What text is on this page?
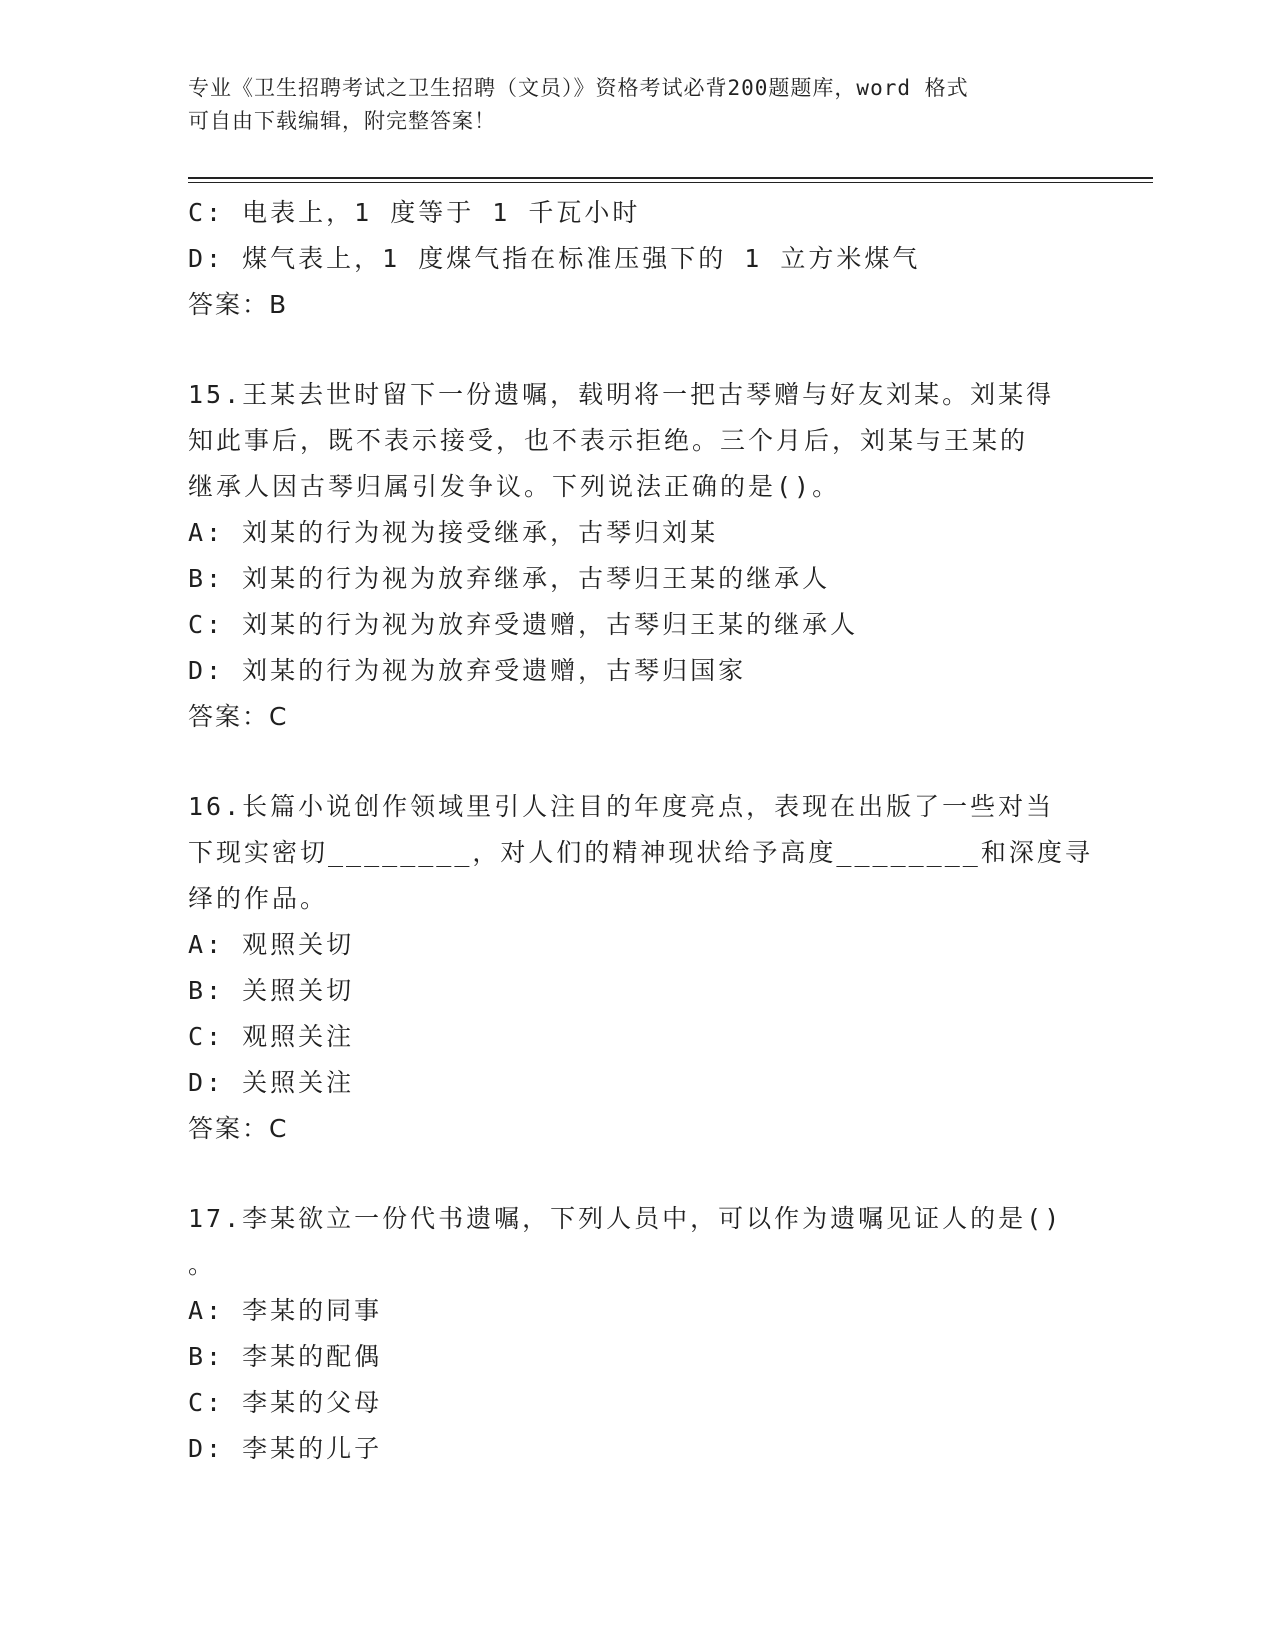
专业《卫生招聘考试之卫生招聘（文员）》资格考试必背200题题库，word 格式
可自由下载编辑，附完整答案！
C: 电表上，1 度等于 1 千瓦小时
D: 煤气表上，1 度煤气指在标准压强下的 1 立方米煤气
答案：B
15.王某去世时留下一份遗嘱，载明将一把古琴赠与好友刘某。刘某得
知此事后，既不表示接受，也不表示拒绝。三个月后，刘某与王某的
继承人因古琴归属引发争议。下列说法正确的是()。
A: 刘某的行为视为接受继承，古琴归刘某
B: 刘某的行为视为放弃继承，古琴归王某的继承人
C: 刘某的行为视为放弃受遗赠，古琴归王某的继承人
D: 刘某的行为视为放弃受遗赠，古琴归国家
答案：C
16.长篇小说创作领域里引人注目的年度亮点，表现在出版了一些对当
下现实密切________，对人们的精神现状给予高度________和深度寻
绎的作品。
A: 观照关切
B: 关照关切
C: 观照关注
D: 关照关注
答案：C
17.李某欲立一份代书遗嘱，下列人员中，可以作为遗嘱见证人的是()
。
A: 李某的同事
B: 李某的配偶
C: 李某的父母
D: 李某的儿子
